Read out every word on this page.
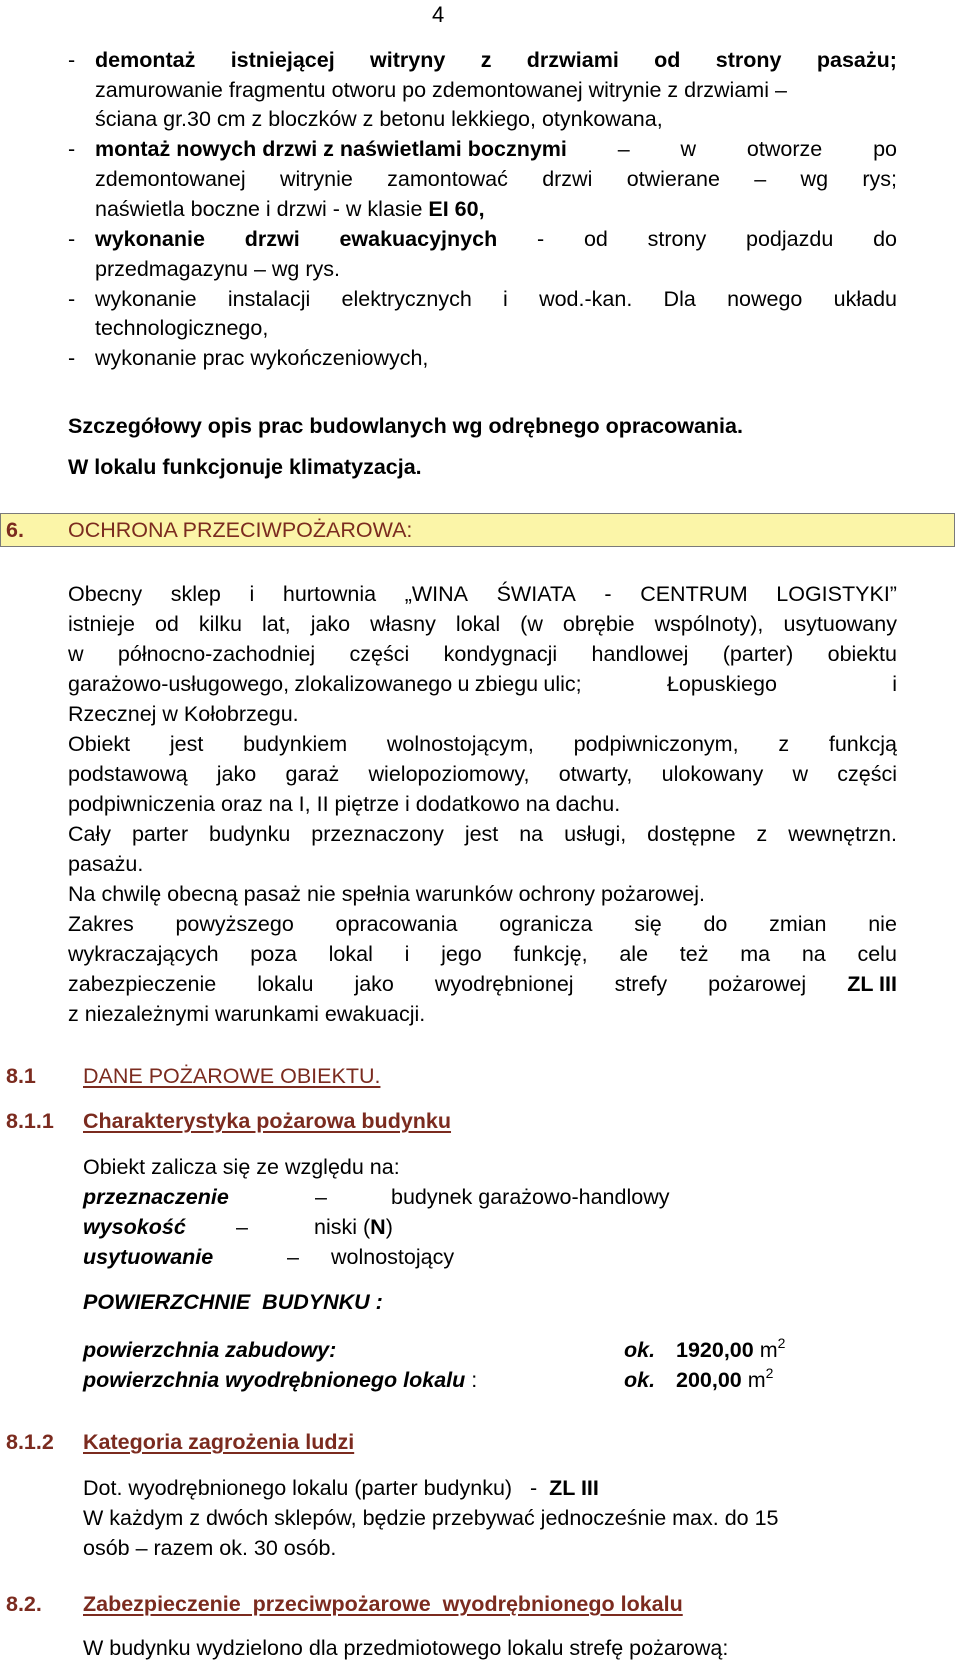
4
- demontaż istniejącej witryny z drzwiami od strony pasażu;
zamurowanie fragmentu otworu po zdemontowanej witrynie z drzwiami –
ściana gr.30 cm z bloczków z betonu lekkiego, otynkowana,
- montaż nowych drzwi z naświetlami bocznymi – w otworze po
zdemontowanej witrynie zamontować drzwi otwierane – wg rys;
naświetla boczne i drzwi - w klasie EI 60,
- wykonanie drzwi ewakuacyjnych - od strony podjazdu do
przedmagazynu – wg rys.
- wykonanie instalacji elektrycznych i wod.-kan. Dla nowego układu
technologicznego,
- wykonanie prac wykończeniowych,
Szczegółowy opis prac budowlanych wg odrębnego opracowania.
W lokalu funkcjonuje klimatyzacja.
6. OCHRONA PRZECIWPOŻAROWA:
Obecny sklep i hurtownia „WINA ŚWIATA - CENTRUM LOGISTYKI”
istnieje od kilku lat, jako własny lokal (w obrębie wspólnoty), usytuowany
w północno-zachodniej części kondygnacji handlowej (parter) obiektu
garażowo-usługowego, zlokalizowanego u zbiegu ulic;	Łopuskiego	i
Rzecznej w Kołobrzegu.
Obiekt jest budynkiem wolnostojącym, podpiwniczonym, z funkcją
podstawową jako garaż wielopoziomowy, otwarty, ulokowany w części
podpiwniczenia oraz na I, II piętrze i dodatkowo na dachu.
Cały parter budynku przeznaczony jest na usługi, dostępne z wewnętrzn.
pasażu.
Na chwilę obecną pasaż nie spełnia warunków ochrony pożarowej.
Zakres powyższego opracowania ogranicza się do zmian nie
wykraczających poza lokal i jego funkcję, ale też ma na celu
zabezpieczenie lokalu jako wyodrębnionej strefy pożarowej ZL III
z niezależnymi warunkami ewakuacji.
8.1 DANE POŻAROWE OBIEKTU.
8.1.1 Charakterystyka pożarowa budynku
Obiekt zalicza się ze względu na:
przeznaczenie	–	budynek garażowo-handlowy
wysokość –	niski (N)
usytuowanie	– wolnostojący
POWIERZCHNIE  BUDYNKU :
powierzchnia zabudowy:	ok. 1920,00 $m^2$
powierzchnia wyodrębnionego lokalu :	ok. 200,00 $m^2$
8.1.2 Kategoria zagrożenia ludzi
Dot. wyodrębnionego lokalu (parter budynku)   -  ZL III
W każdym z dwóch sklepów, będzie przebywać jednocześnie max. do 15
osób – razem ok. 30 osób.
8.2. Zabezpieczenie  przeciwpożarowe  wyodrębnionego lokalu
W budynku wydzielono dla przedmiotowego lokalu strefę pożarową:
